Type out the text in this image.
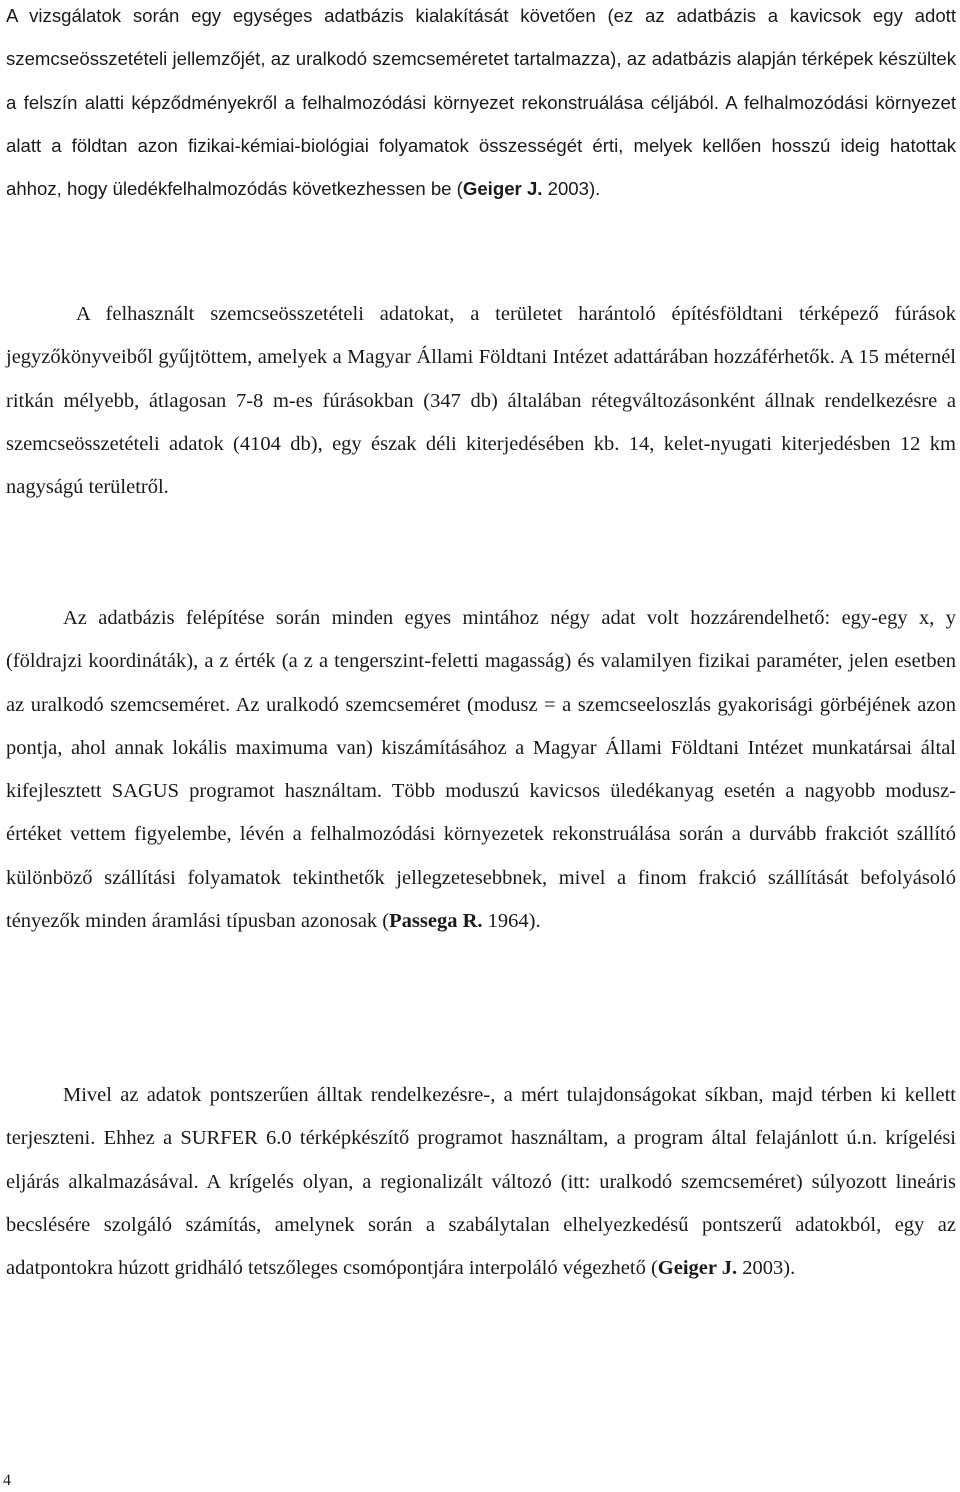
A vizsgálatok során egy egységes adatbázis kialakítását követően (ez az adatbázis a kavicsok egy adott szemcseösszetételi jellemzőjét, az uralkodó szemcseméretet tartalmazza), az adatbázis alapján térképek készültek a felszín alatti képződményekről a felhalmozódási környezet rekonstruálása céljából. A felhalmozódási környezet alatt a földtan azon fizikai-kémiai-biológiai folyamatok összességét érti, melyek kellően hosszú ideig hatottak ahhoz, hogy üledékfelhalmozódás következhessen be (Geiger J. 2003).

A felhasznált szemcseösszetételi adatokat, a területet harántoló építésföldtani térképező fúrások jegyzőkönyveiből gyűjtöttem, amelyek a Magyar Állami Földtani Intézet adattárában hozzáférhetők. A 15 méternél ritkán mélyebb, átlagosan 7-8 m-es fúrásokban (347 db) általában rétegváltozásonként állnak rendelkezésre a szemcseösszetételi adatok (4104 db), egy észak déli kiterjedésében kb. 14, kelet-nyugati kiterjedésben 12 km nagyságú területről.

Az adatbázis felépítése során minden egyes mintához négy adat volt hozzárendelhető: egy-egy x, y (földrajzi koordináták), a z érték (a z a tengerszint-feletti magasság) és valamilyen fizikai paraméter, jelen esetben az uralkodó szemcseméret. Az uralkodó szemcseméret (modusz = a szemcseeloszlás gyakorisági görbéjének azon pontja, ahol annak lokális maximuma van) kiszámításához a Magyar Állami Földtani Intézet munkatársai által kifejlesztett SAGUS programot használtam. Több moduszú kavicsos üledékanyag esetén a nagyobb modusz-értéket vettem figyelembe, lévén a felhalmozódási környezetek rekonstruálása során a durvább frakciót szállító különböző szállítási folyamatok tekinthetők jellegzetesebbnek, mivel a finom frakció szállítását befolyásoló tényezők minden áramlási típusban azonosak (Passega R. 1964).

Mivel az adatok pontszerűen álltak rendelkezésre-, a mért tulajdonságokat síkban, majd térben ki kellett terjeszteni. Ehhez a SURFER 6.0 térképkészítő programot használtam, a program által felajánlott ú.n. krígelési eljárás alkalmazásával. A krígelés olyan, a regionalizált változó (itt: uralkodó szemcseméret) súlyozott lineáris becslésére szolgáló számítás, amelynek során a szabálytalan elhelyezkedésű pontszerű adatokból, egy az adatpontokra húzott gridháló tetszőleges csomópontjára interpoláló végezhető (Geiger J. 2003).

4
